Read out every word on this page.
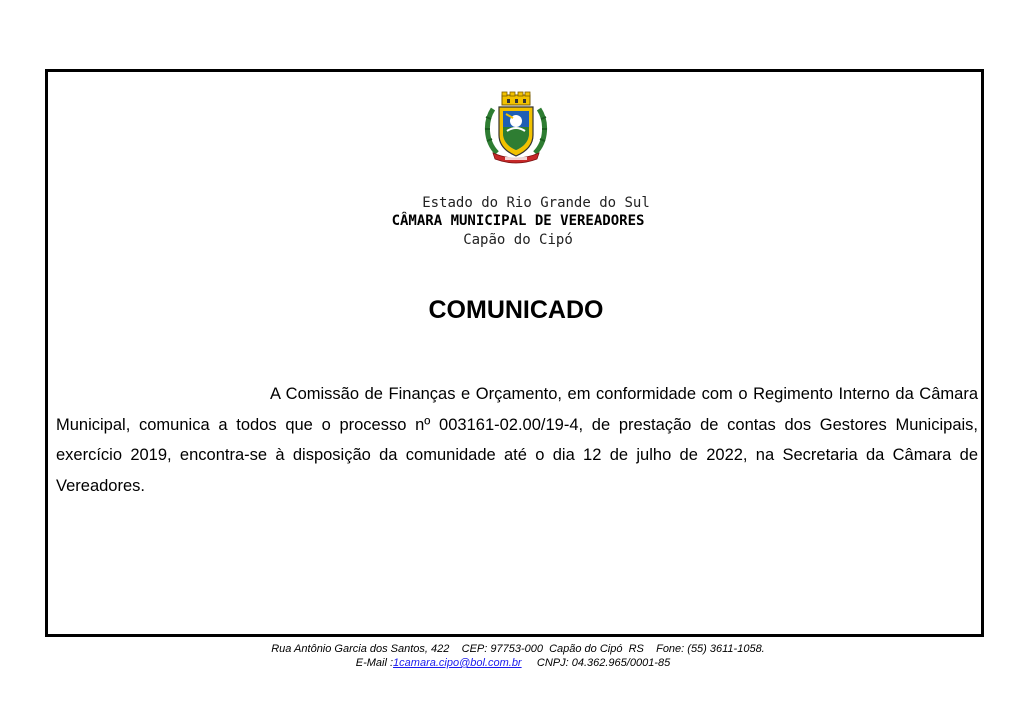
Estado do Rio Grande do Sul
CÂMARA MUNICIPAL DE VEREADORES
Capão do Cipó
COMUNICADO

A Comissão de Finanças e Orçamento, em conformidade com o Regimento Interno da Câmara Municipal, comunica a todos que o processo nº 003161-02.00/19-4, de prestação de contas dos Gestores Municipais, exercício 2019, encontra-se à disposição da comunidade até o dia 12 de julho de 2022, na Secretaria da Câmara de Vereadores.

Rua Antônio Garcia dos Santos, 422 CEP: 97753-000  Capão do Cipó  RS Fone: (55) 3611-1058.
E-Mail :1camara.cipo@bol.com.br CNPJ: 04.362.965/0001-85
